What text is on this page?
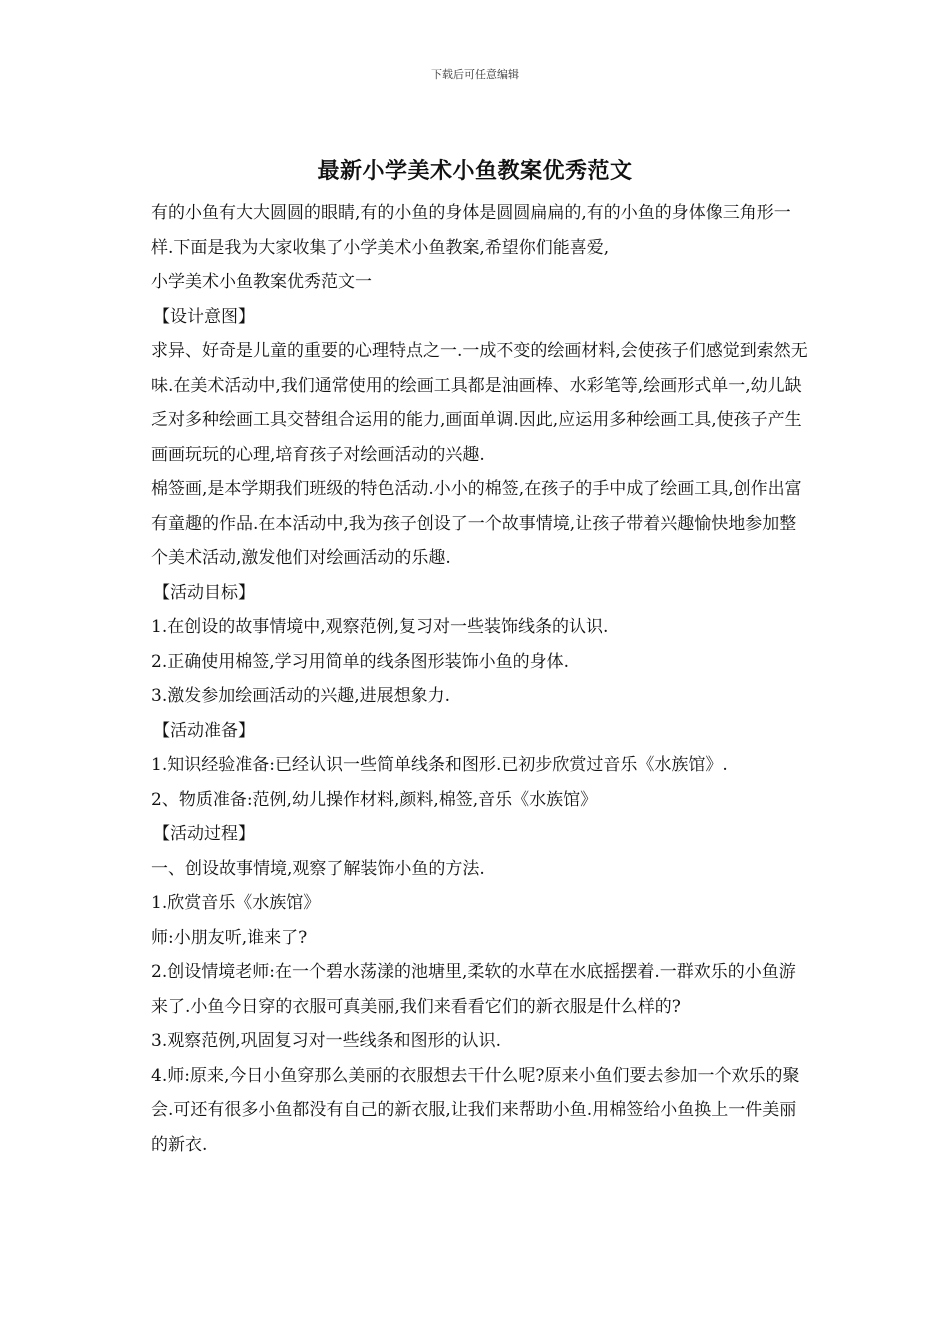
下载后可任意编辑
最新小学美术小鱼教案优秀范文

有的小鱼有大大圆圆的眼睛,有的小鱼的身体是圆圆扁扁的,有的小鱼的身体像三角形一样.下面是我为大家收集了小学美术小鱼教案,希望你们能喜爱,

小学美术小鱼教案优秀范文一

【设计意图】

求异、好奇是儿童的重要的心理特点之一.一成不变的绘画材料,会使孩子们感觉到索然无味.在美术活动中,我们通常使用的绘画工具都是油画棒、水彩笔等,绘画形式单一,幼儿缺乏对多种绘画工具交替组合运用的能力,画面单调.因此,应运用多种绘画工具,使孩子产生画画玩玩的心理,培育孩子对绘画活动的兴趣.

棉签画,是本学期我们班级的特色活动.小小的棉签,在孩子的手中成了绘画工具,创作出富有童趣的作品.在本活动中,我为孩子创设了一个故事情境,让孩子带着兴趣愉快地参加整个美术活动,激发他们对绘画活动的乐趣.

【活动目标】

1.在创设的故事情境中,观察范例,复习对一些装饰线条的认识.

2.正确使用棉签,学习用简单的线条图形装饰小鱼的身体.

3.激发参加绘画活动的兴趣,进展想象力.

【活动准备】

1.知识经验准备:已经认识一些简单线条和图形.已初步欣赏过音乐《水族馆》.

2、物质准备:范例,幼儿操作材料,颜料,棉签,音乐《水族馆》

【活动过程】

一、创设故事情境,观察了解装饰小鱼的方法.

1.欣赏音乐《水族馆》

师:小朋友听,谁来了?

2.创设情境老师:在一个碧水荡漾的池塘里,柔软的水草在水底摇摆着.一群欢乐的小鱼游来了.小鱼今日穿的衣服可真美丽,我们来看看它们的新衣服是什么样的?

3.观察范例,巩固复习对一些线条和图形的认识.

4.师:原来,今日小鱼穿那么美丽的衣服想去干什么呢?原来小鱼们要去参加一个欢乐的聚会.可还有很多小鱼都没有自己的新衣服,让我们来帮助小鱼.用棉签给小鱼换上一件美丽的新衣.
